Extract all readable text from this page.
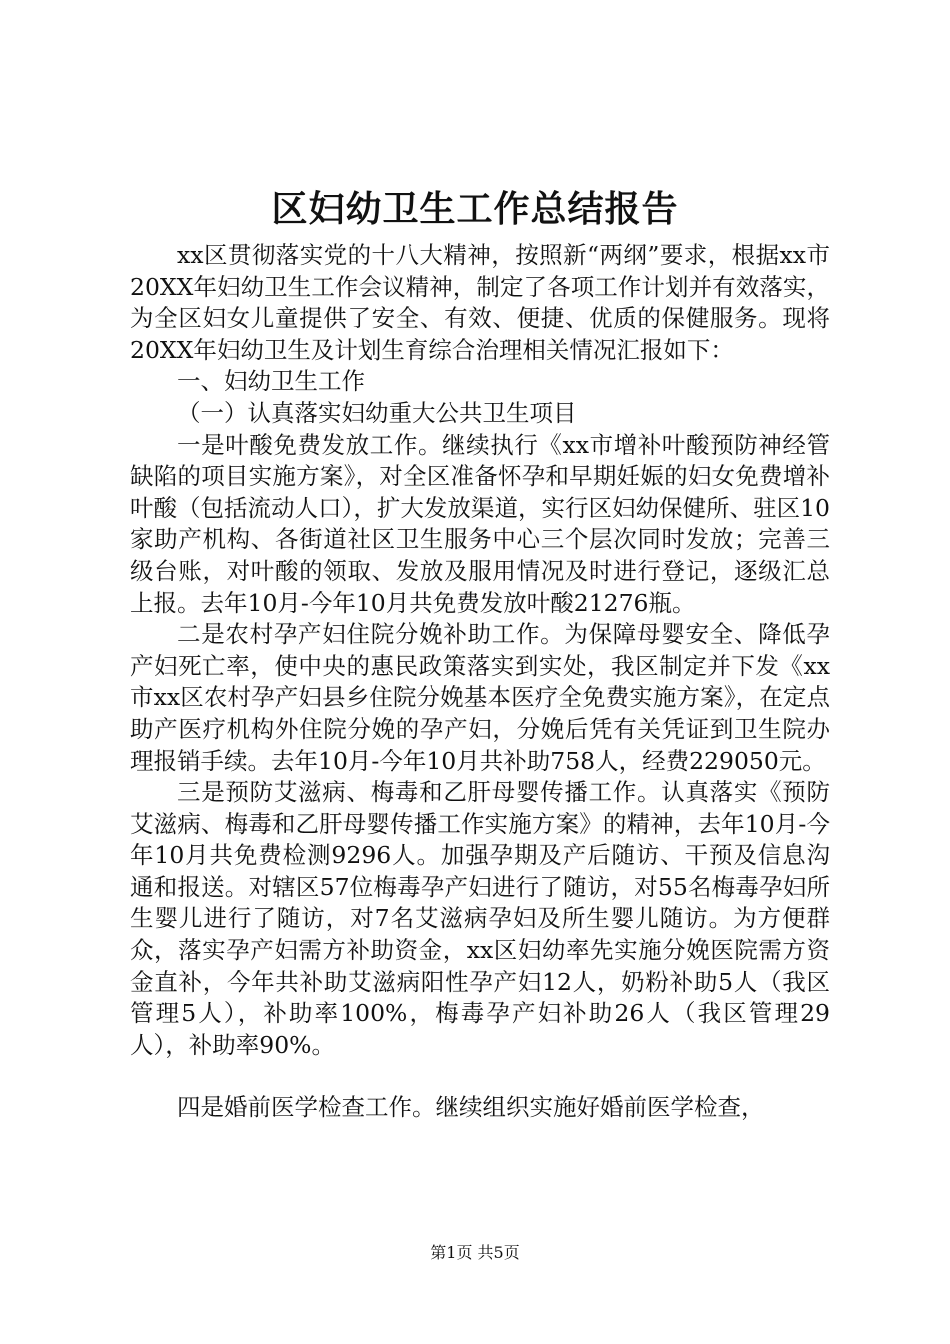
区妇幼卫生工作总结报告

xx区贯彻落实党的十八大精神，按照新“两纲”要求，根据xx市20XX年妇幼卫生工作会议精神，制定了各项工作计划并有效落实，为全区妇女儿童提供了安全、有效、便捷、优质的保健服务。现将20XX年妇幼卫生及计划生育综合治理相关情况汇报如下：

一、妇幼卫生工作

（一）认真落实妇幼重大公共卫生项目

一是叶酸免费发放工作。继续执行《xx市增补叶酸预防神经管缺陷的项目实施方案》，对全区准备怀孕和早期妊娠的妇女免费增补叶酸（包括流动人口），扩大发放渠道，实行区妇幼保健所、驻区10家助产机构、各街道社区卫生服务中心三个层次同时发放；完善三级台账，对叶酸的领取、发放及服用情况及时进行登记，逐级汇总上报。去年10月-今年10月共免费发放叶酸21276瓶。

二是农村孕产妇住院分娩补助工作。为保障母婴安全、降低孕产妇死亡率，使中央的惠民政策落实到实处，我区制定并下发《xx市xx区农村孕产妇县乡住院分娩基本医疗全免费实施方案》，在定点助产医疗机构外住院分娩的孕产妇，分娩后凭有关凭证到卫生院办理报销手续。去年10月-今年10月共补助758人，经费229050元。

三是预防艾滋病、梅毒和乙肝母婴传播工作。认真落实《预防艾滋病、梅毒和乙肝母婴传播工作实施方案》的精神，去年10月-今年10月共免费检测9296人。加强孕期及产后随访、干预及信息沟通和报送。对辖区57位梅毒孕产妇进行了随访，对55名梅毒孕妇所生婴儿进行了随访，对7名艾滋病孕妇及所生婴儿随访。为方便群众，落实孕产妇需方补助资金，xx区妇幼率先实施分娩医院需方资金直补，今年共补助艾滋病阳性孕产妇12人，奶粉补助5人（我区管理5人），补助率100%，梅毒孕产妇补助26人（我区管理29人），补助率90%。

四是婚前医学检查工作。继续组织实施好婚前医学检查，

第1页 共5页
